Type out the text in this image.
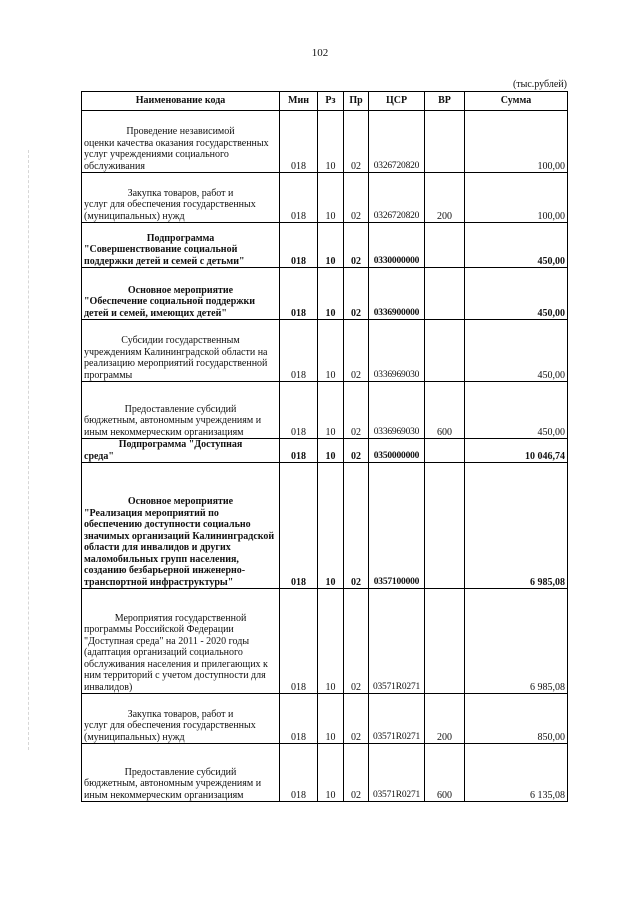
102
(тыс.рублей)
Наименование кода	Мин	Рз	Пр	ЦСР	ВР	Сумма

Проведение независимой
оценки качества оказания государственных услуг учреждениями социального обслуживания	018	10	02	0326720820		100,00

Закупка товаров, работ и
услуг для обеспечения государственных (муниципальных) нужд	018	10	02	0326720820	200	100,00

Подпрограмма
"Совершенствование социальной поддержки детей и семей с детьми"	018	10	02	0330000000		450,00

Основное мероприятие
"Обеспечение социальной поддержки детей и семей, имеющих детей"	018	10	02	0336900000		450,00

Субсидии государственным
учреждениям Калининградской области на реализацию мероприятий государственной программы	018	10	02	0336969030		450,00

Предоставление субсидий
бюджетным, автономным учреждениям и иным некоммерческим организациям	018	10	02	0336969030	600	450,00

Подпрограмма "Доступная
среда"	018	10	02	0350000000		10 046,74

Основное мероприятие
"Реализация мероприятий по обеспечению доступности социально значимых организаций Калининградской области для инвалидов и других маломобильных групп населения, созданию безбарьерной инженерно-транспортной инфраструктуры"	018	10	02	0357100000		6 985,08

Мероприятия государственной
программы Российской Федерации "Доступная среда" на 2011 - 2020 годы (адаптация организаций социального обслуживания населения и прилегающих к ним территорий с учетом доступности для инвалидов)	018	10	02	03571R0271		6 985,08

Закупка товаров, работ и
услуг для обеспечения государственных (муниципальных) нужд	018	10	02	03571R0271	200	850,00

Предоставление субсидий
бюджетным, автономным учреждениям и иным некоммерческим организациям	018	10	02	03571R0271	600	6 135,08
